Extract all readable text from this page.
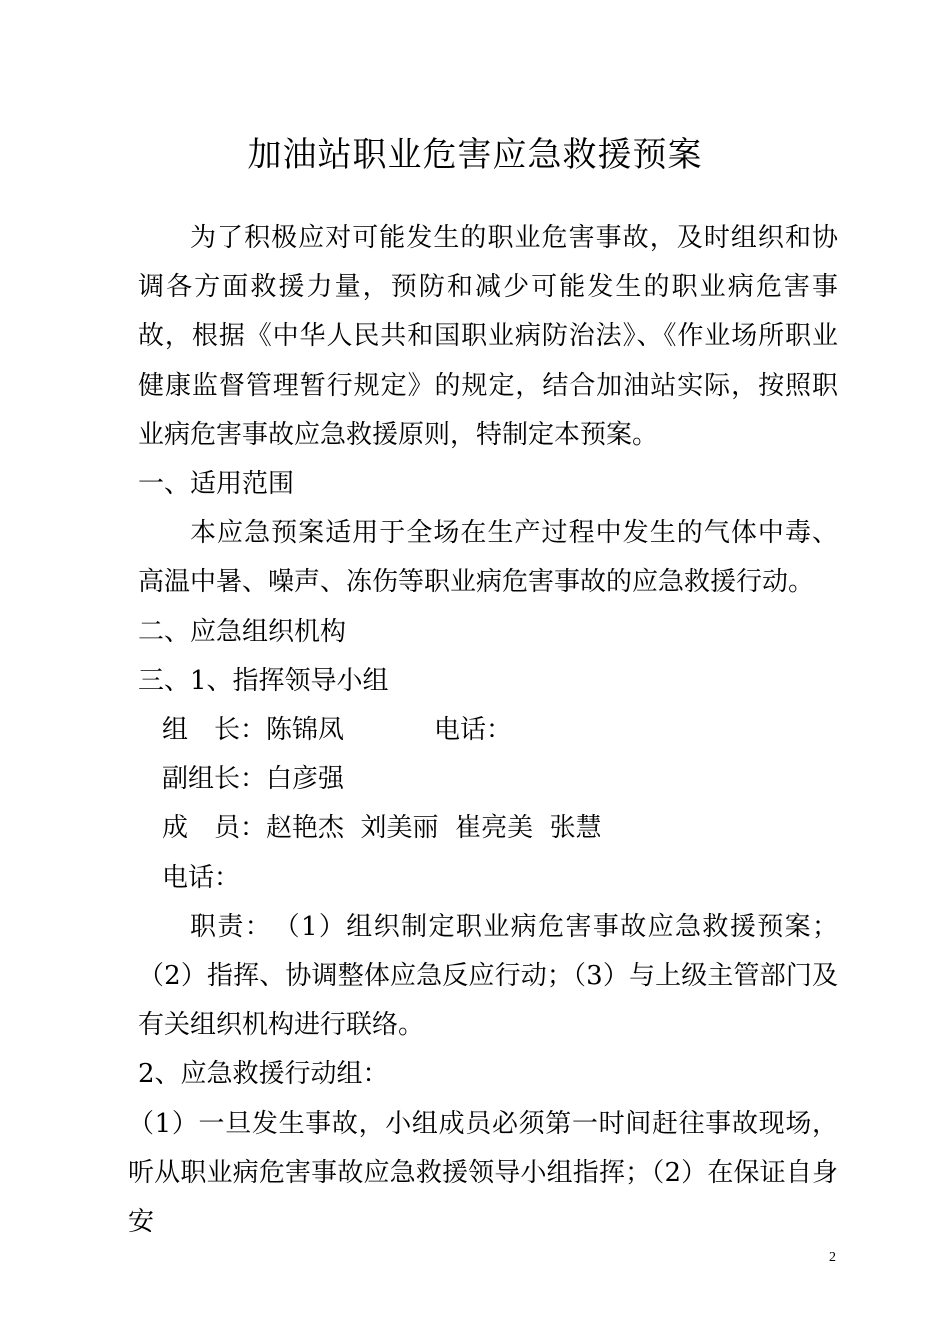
加油站职业危害应急救援预案

为了积极应对可能发生的职业危害事故，及时组织和协调各方面救援力量，预防和减少可能发生的职业病危害事故，根据《中华人民共和国职业病防治法》、《作业场所职业健康监督管理暂行规定》的规定，结合加油站实际，按照职业病危害事故应急救援原则，特制定本预案。

一、适用范围

本应急预案适用于全场在生产过程中发生的气体中毒、高温中暑、噪声、冻伤等职业病危害事故的应急救援行动。

二、应急组织机构

三、1、指挥领导小组

组　长：陈锦凤	电话：

副组长：白彦强

成　员：赵艳杰  刘美丽  崔亮美  张慧

电话：

职责：　（1）组织制定职业病危害事故应急救援预案；（2）指挥、协调整体应急反应行动；（3）与上级主管部门及有关组织机构进行联络。

2、应急救援行动组：

（1）一旦发生事故，小组成员必须第一时间赶往事故现场，听从职业病危害事故应急救援领导小组指挥；（2）在保证自身安

2
